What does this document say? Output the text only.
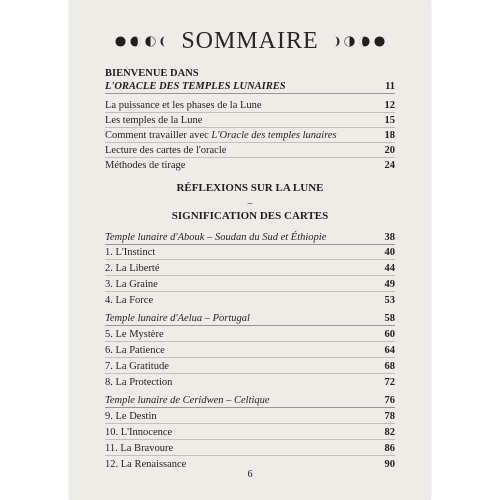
SOMMAIRE
BIENVENUE DANS
L'ORACLE DES TEMPLES LUNAIRES	11
La puissance et les phases de la Lune	12
Les temples de la Lune	15
Comment travailler avec L'Oracle des temples lunaires	18
Lecture des cartes de l'oracle	20
Méthodes de tirage	24
RÉFLEXIONS SUR LA LUNE
–
SIGNIFICATION DES CARTES
Temple lunaire d'Abouk – Soudan du Sud et Éthiopie	38
1. L'Instinct	40
2. La Liberté	44
3. La Graine	49
4. La Force	53
Temple lunaire d'Aelua – Portugal	58
5. Le Mystère	60
6. La Patience	64
7. La Gratitude	68
8. La Protection	72
Temple lunaire de Ceridwen – Celtique	76
9. Le Destin	78
10. L'Innocence	82
11. La Bravoure	86
12. La Renaissance	90
6
